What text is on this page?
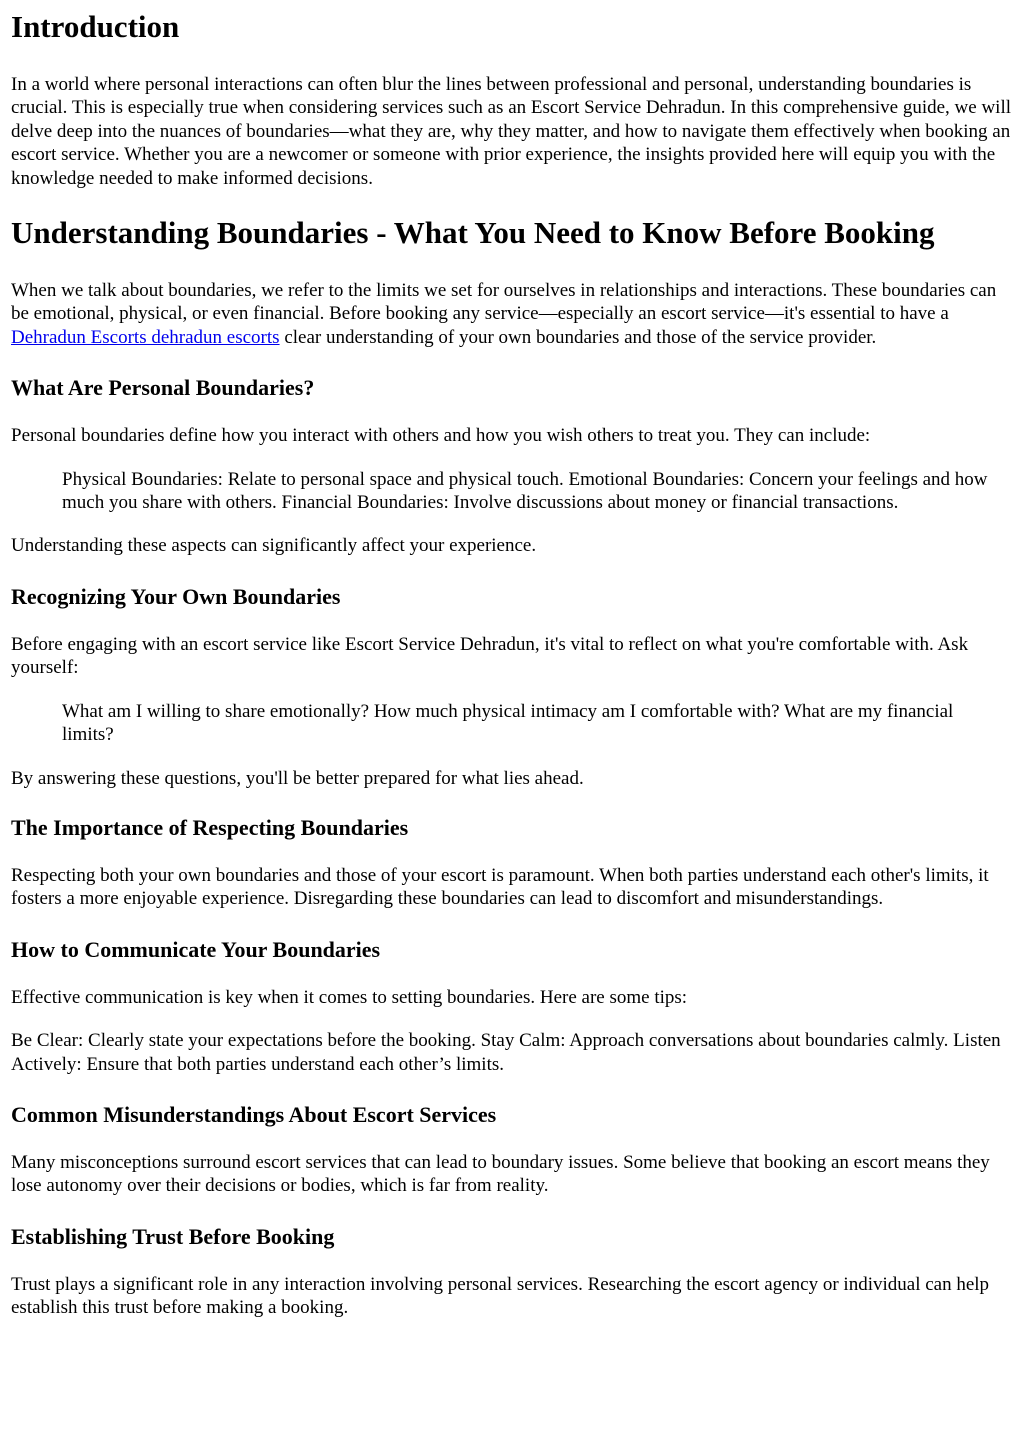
Introduction

In a world where personal interactions can often blur the lines between professional and personal, understanding boundaries is crucial. This is especially true when considering services such as an Escort Service Dehradun. In this comprehensive guide, we will delve deep into the nuances of boundaries—what they are, why they matter, and how to navigate them effectively when booking an escort service. Whether you are a newcomer or someone with prior experience, the insights provided here will equip you with the knowledge needed to make informed decisions.

Understanding Boundaries - What You Need to Know Before Booking

When we talk about boundaries, we refer to the limits we set for ourselves in relationships and interactions. These boundaries can be emotional, physical, or even financial. Before booking any service—especially an escort service—it's essential to have a Dehradun Escorts dehradun escorts clear understanding of your own boundaries and those of the service provider.

What Are Personal Boundaries?

Personal boundaries define how you interact with others and how you wish others to treat you. They can include:

Physical Boundaries: Relate to personal space and physical touch. Emotional Boundaries: Concern your feelings and how much you share with others. Financial Boundaries: Involve discussions about money or financial transactions.

Understanding these aspects can significantly affect your experience.

Recognizing Your Own Boundaries

Before engaging with an escort service like Escort Service Dehradun, it's vital to reflect on what you're comfortable with. Ask yourself:

What am I willing to share emotionally? How much physical intimacy am I comfortable with? What are my financial limits?

By answering these questions, you'll be better prepared for what lies ahead.

The Importance of Respecting Boundaries

Respecting both your own boundaries and those of your escort is paramount. When both parties understand each other's limits, it fosters a more enjoyable experience. Disregarding these boundaries can lead to discomfort and misunderstandings.

How to Communicate Your Boundaries

Effective communication is key when it comes to setting boundaries. Here are some tips:

Be Clear: Clearly state your expectations before the booking. Stay Calm: Approach conversations about boundaries calmly. Listen Actively: Ensure that both parties understand each other’s limits.

Common Misunderstandings About Escort Services

Many misconceptions surround escort services that can lead to boundary issues. Some believe that booking an escort means they lose autonomy over their decisions or bodies, which is far from reality.

Establishing Trust Before Booking

Trust plays a significant role in any interaction involving personal services. Researching the escort agency or individual can help establish this trust before making a booking.
